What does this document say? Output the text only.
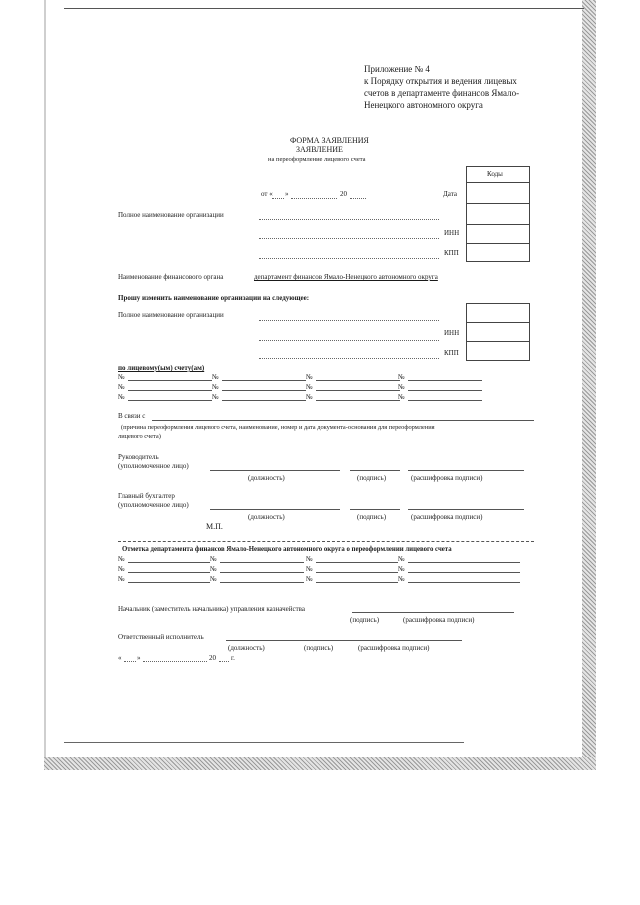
Приложение № 4
к Порядку открытия и ведения лицевых
счетов в департаменте финансов Ямало-
Ненецкого автономного округа
ФОРМА ЗАЯВЛЕНИЯ
ЗАЯВЛЕНИЕ
на переоформление лицевого счета
Коды
Дата
ИНН
КПП
от « »	20
Полное наименование организации
Наименование финансового органа	департамент финансов Ямало-Ненецкого автономного округа
Прошу изменить наименование организации на следующее:
Полное наименование организации
ИНН
КПП
по лицевому(ым) счету(ам)
№	№	№	№
№	№	№	№
№	№	№	№
В связи с
(причина переоформления лицевого счета, наименование, номер и дата документа-основания для переоформления
лицевого счета)
Руководитель
(уполномоченное лицо)
(должность)	(подпись)	(расшифровка подписи)
Главный бухгалтер
(уполномоченное лицо)
(должность)	(подпись)	(расшифровка подписи)
М.П.
Отметка департамента финансов Ямало-Ненецкого автономного округа о переоформлении лицевого счета
№	№	№	№
№	№	№	№
№	№	№	№
Начальник (заместитель начальника) управления казначейства
(подпись)	(расшифровка подписи)
Ответственный исполнитель
(должность)	(подпись)	(расшифровка подписи)
« »	20 г.
